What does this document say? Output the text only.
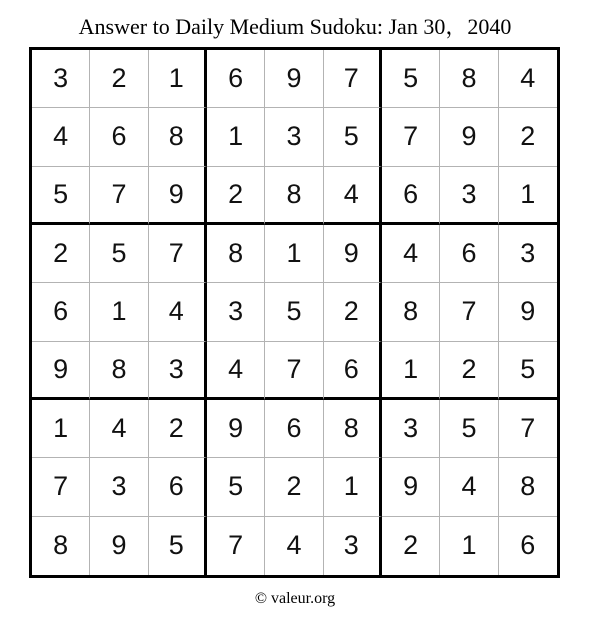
Answer to Daily Medium Sudoku: Jan 30，2040
3	2	1	6	9	7	5	8	4
4	6	8	1	3	5	7	9	2
5	7	9	2	8	4	6	3	1
2	5	7	8	1	9	4	6	3
6	1	4	3	5	2	8	7	9
9	8	3	4	7	6	1	2	5
1	4	2	9	6	8	3	5	7
7	3	6	5	2	1	9	4	8
8	9	5	7	4	3	2	1	6
© valeur.org
